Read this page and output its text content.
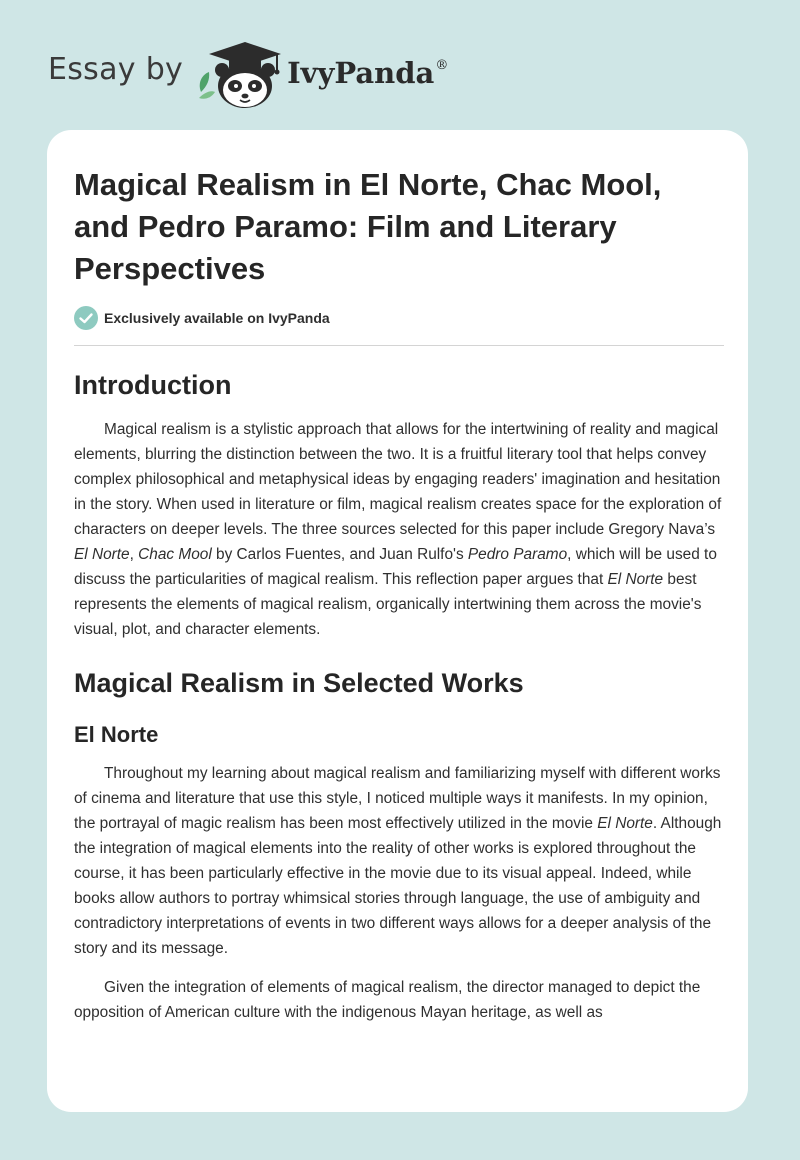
Essay by	IvyPanda®
Magical Realism in El Norte, Chac Mool, and Pedro Paramo: Film and Literary Perspectives
Exclusively available on IvyPanda
Introduction

Magical realism is a stylistic approach that allows for the intertwining of reality and magical elements, blurring the distinction between the two. It is a fruitful literary tool that helps convey complex philosophical and metaphysical ideas by engaging readers' imagination and hesitation in the story. When used in literature or film, magical realism creates space for the exploration of characters on deeper levels. The three sources selected for this paper include Gregory Nava’s El Norte, Chac Mool by Carlos Fuentes, and Juan Rulfo's Pedro Paramo, which will be used to discuss the particularities of magical realism. This reflection paper argues that El Norte best represents the elements of magical realism, organically intertwining them across the movie's visual, plot, and character elements.

Magical Realism in Selected Works
El Norte

Throughout my learning about magical realism and familiarizing myself with different works of cinema and literature that use this style, I noticed multiple ways it manifests. In my opinion, the portrayal of magic realism has been most effectively utilized in the movie El Norte. Although the integration of magical elements into the reality of other works is explored throughout the course, it has been particularly effective in the movie due to its visual appeal. Indeed, while books allow authors to portray whimsical stories through language, the use of ambiguity and contradictory interpretations of events in two different ways allows for a deeper analysis of the story and its message.

Given the integration of elements of magical realism, the director managed to depict the opposition of American culture with the indigenous Mayan heritage, as well as
